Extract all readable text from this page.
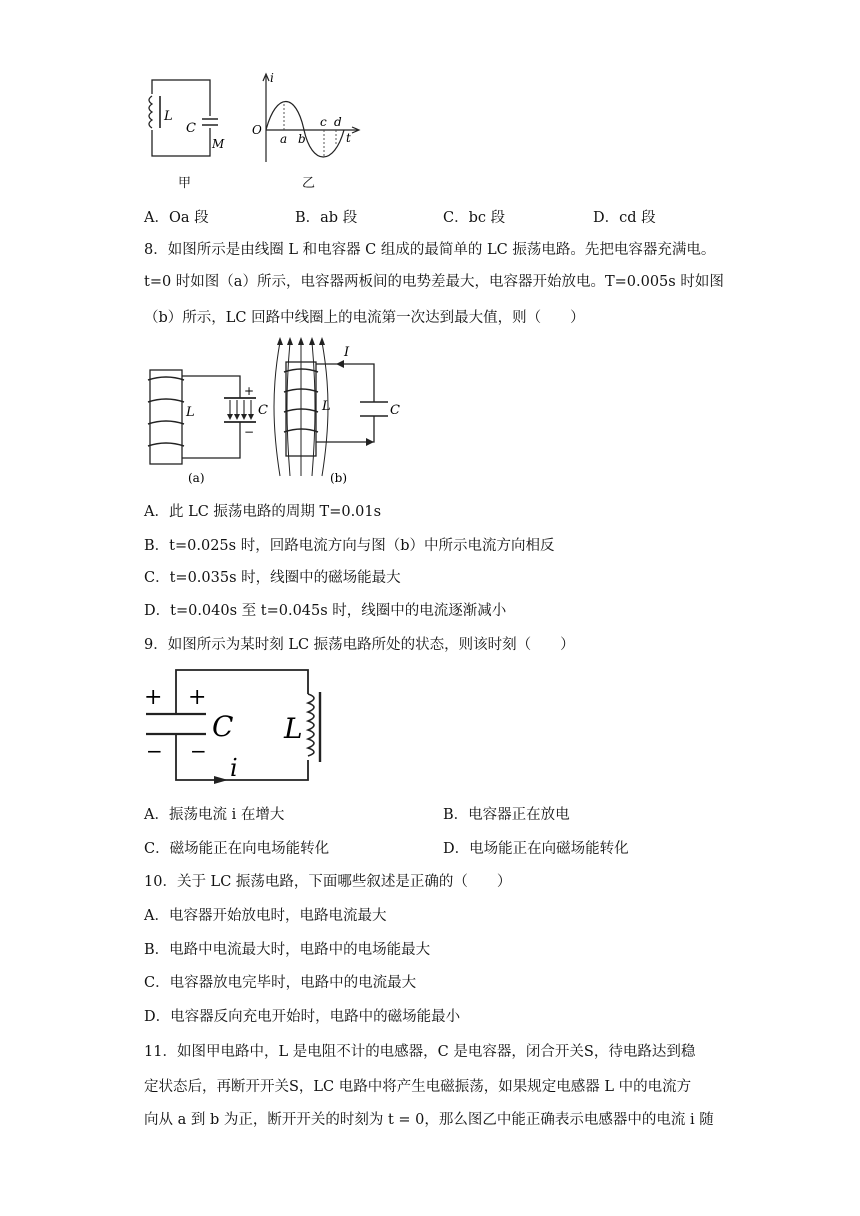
L
C
M
甲
i
O
a b
c d
t
乙
A．Oa 段	B．ab 段	C．bc 段	D．cd 段
8．如图所示是由线圈 L 和电容器 C 组成的最简单的 LC 振荡电路。先把电容器充满电。
t=0 时如图（a）所示，电容器两板间的电势差最大，电容器开始放电。T=0.005s 时如图
（b）所示，LC 回路中线圈上的电流第一次达到最大值，则（　　）
L	C
+
−
(a)
I
L	C
(b)
A．此 LC 振荡电路的周期 T=0.01s
B．t=0.025s 时，回路电流方向与图（b）中所示电流方向相反
C．t=0.035s 时，线圈中的磁场能最大
D．t=0.040s 至 t=0.045s 时，线圈中的电流逐渐减小
9．如图所示为某时刻 LC 振荡电路所处的状态，则该时刻（　　）
+ +
− −
C L
i
A．振荡电流 i 在增大	B．电容器正在放电
C．磁场能正在向电场能转化	D．电场能正在向磁场能转化
10．关于 LC 振荡电路，下面哪些叙述是正确的（　　）
A．电容器开始放电时，电路电流最大
B．电路中电流最大时，电路中的电场能最大
C．电容器放电完毕时，电路中的电流最大
D．电容器反向充电开始时，电路中的磁场能最小
11．如图甲电路中，L 是电阻不计的电感器，C 是电容器，闭合开关S，待电路达到稳
定状态后，再断开开关S，LC 电路中将产生电磁振荡，如果规定电感器 L 中的电流方
向从 a 到 b 为正，断开开关的时刻为 t = 0，那么图乙中能正确表示电感器中的电流 i 随
